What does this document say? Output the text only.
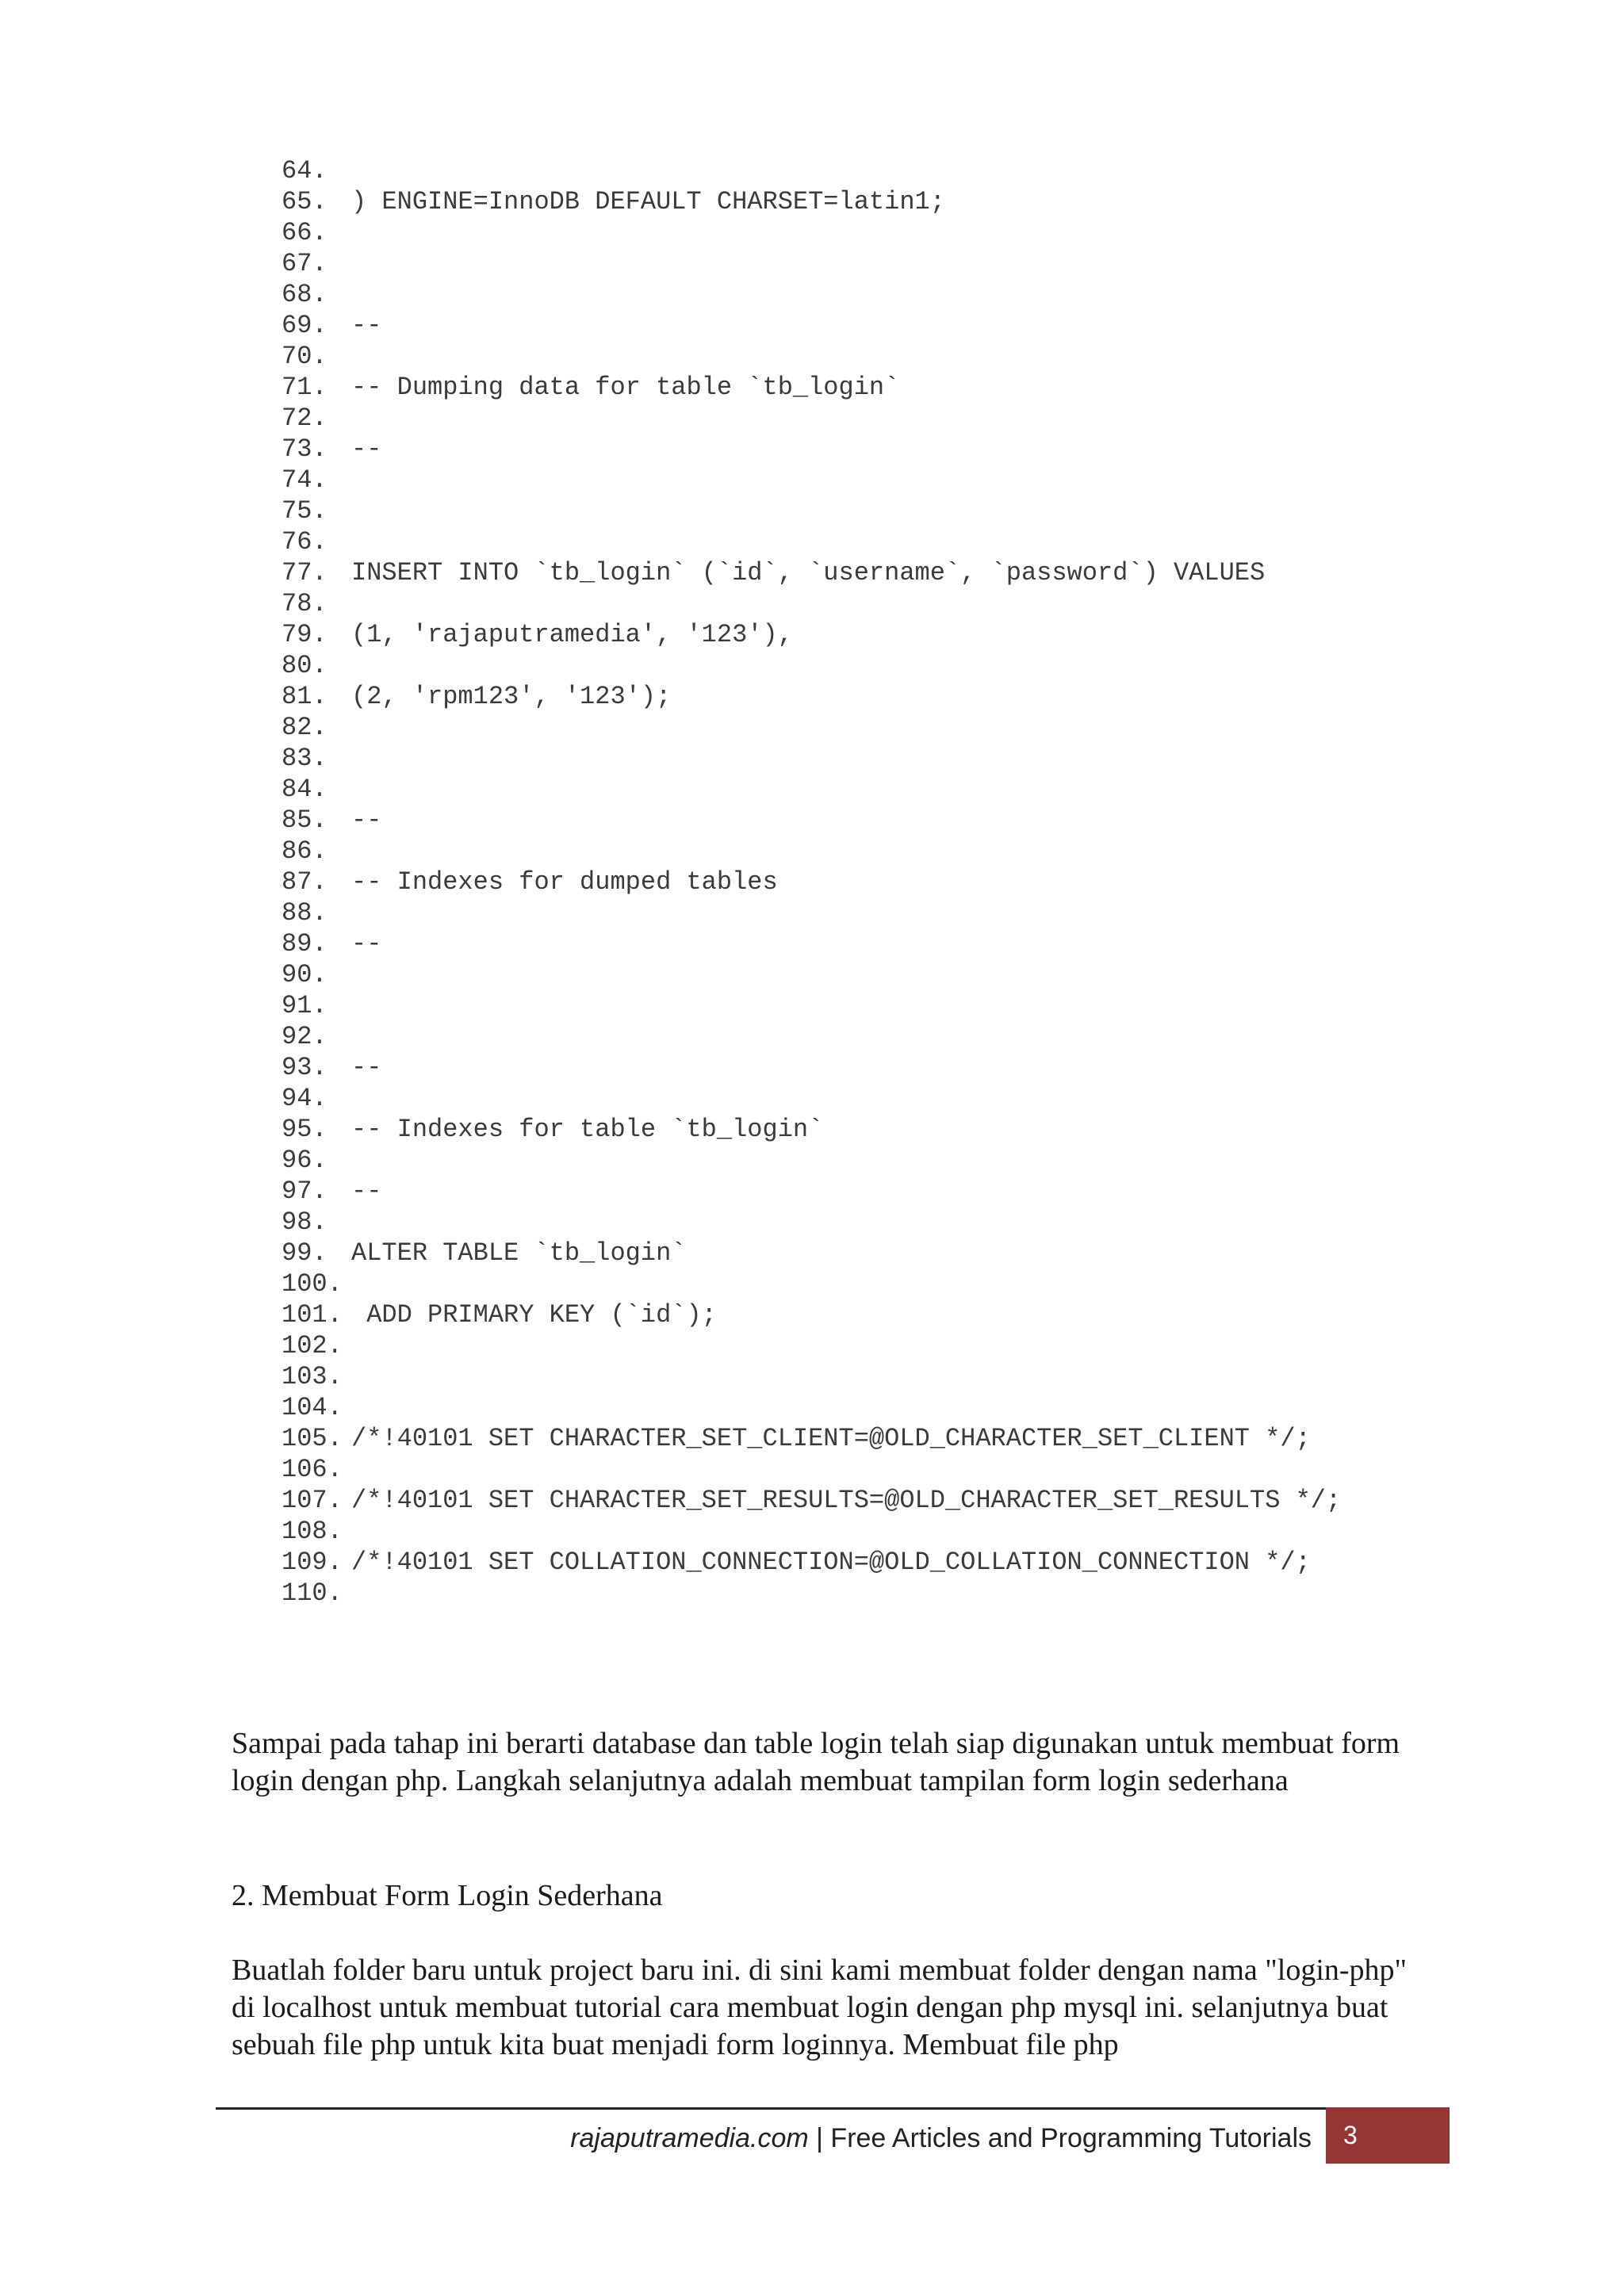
64.
65. ) ENGINE=InnoDB DEFAULT CHARSET=latin1;
66.
67.
68.
69. --
70.
71. -- Dumping data for table `tb_login`
72.
73. --
74.
75.
76.
77. INSERT INTO `tb_login` (`id`, `username`, `password`) VALUES
78.
79. (1, 'rajaputramedia', '123'),
80.
81. (2, 'rpm123', '123');
82.
83.
84.
85. --
86.
87. -- Indexes for dumped tables
88.
89. --
90.
91.
92.
93. --
94.
95. -- Indexes for table `tb_login`
96.
97. --
98.
99. ALTER TABLE `tb_login`
100.
101. ADD PRIMARY KEY (`id`);
102.
103.
104.
105. /*!40101 SET CHARACTER_SET_CLIENT=@OLD_CHARACTER_SET_CLIENT */;
106.
107. /*!40101 SET CHARACTER_SET_RESULTS=@OLD_CHARACTER_SET_RESULTS */;
108.
109. /*!40101 SET COLLATION_CONNECTION=@OLD_COLLATION_CONNECTION */;
110.

Sampai pada tahap ini berarti database dan table login telah siap digunakan untuk membuat form login dengan php. Langkah selanjutnya adalah membuat tampilan form login sederhana

2. Membuat Form Login Sederhana

Buatlah folder baru untuk project baru ini. di sini kami membuat folder dengan nama "login-php" di localhost untuk membuat tutorial cara membuat login dengan php mysql ini. selanjutnya buat sebuah file php untuk kita buat menjadi form loginnya. Membuat file php

rajaputramedia.com | Free Articles and Programming Tutorials	3
